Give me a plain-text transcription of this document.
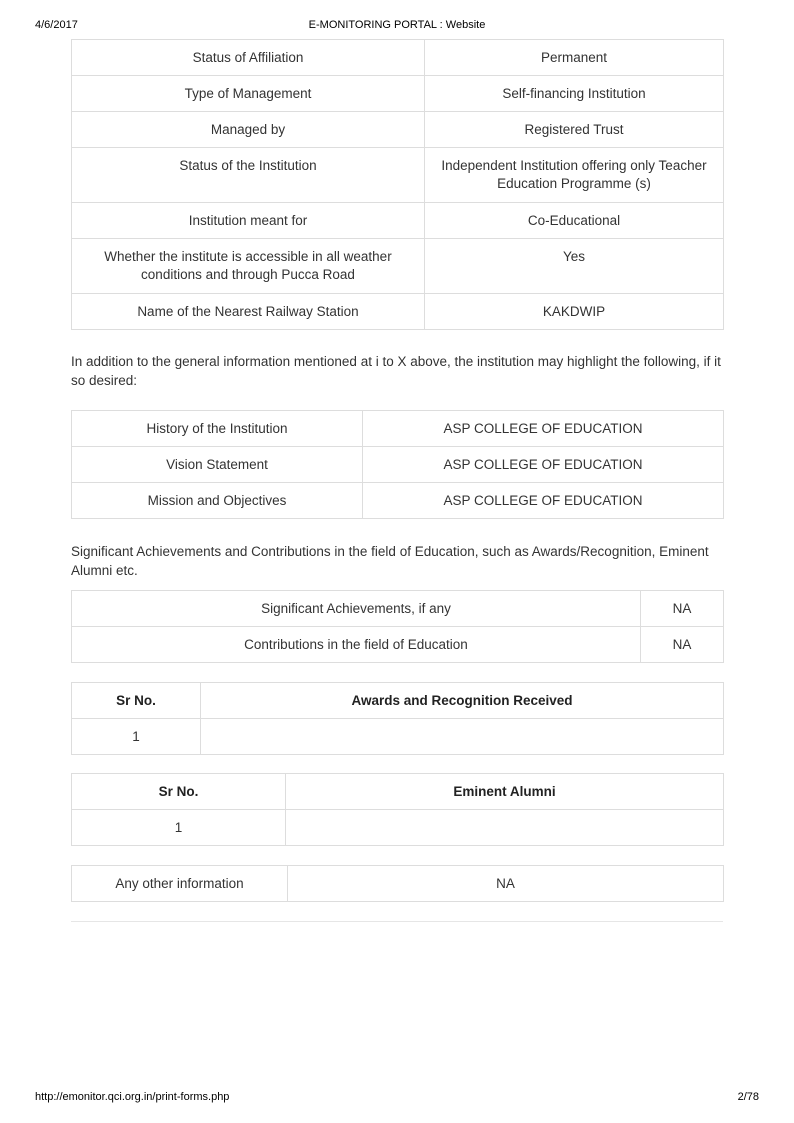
4/6/2017	E-MONITORING PORTAL : Website
Status of Affiliation	Permanent
Type of Management	Self-financing Institution
Managed by	Registered Trust
Status of the Institution	Independent Institution offering only Teacher Education Programme (s)
Institution meant for	Co-Educational
Whether the institute is accessible in all weather conditions and through Pucca Road	Yes
Name of the Nearest Railway Station	KAKDWIP

In addition to the general information mentioned at i to X above, the institution may highlight the following, if it so desired:

History of the Institution	ASP COLLEGE OF EDUCATION
Vision Statement	ASP COLLEGE OF EDUCATION
Mission and Objectives	ASP COLLEGE OF EDUCATION

Significant Achievements and Contributions in the field of Education, such as Awards/Recognition, Eminent Alumni etc.

Significant Achievements, if any	NA
Contributions in the field of Education	NA
Sr No.	Awards and Recognition Received
1	
Sr No.	Eminent Alumni
1	
Any other information	NA
http://emonitor.qci.org.in/print-forms.php	2/78
